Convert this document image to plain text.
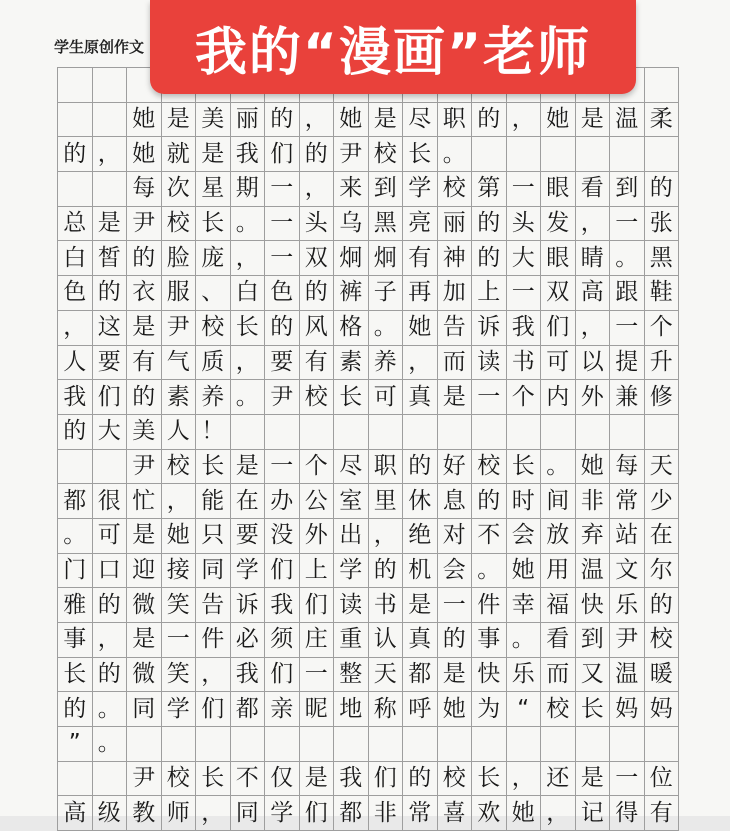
学生原创作文
她 是 美 丽 的 ， 她 是 尽 职 的 ， 她 是 温 柔
的 ， 她 就 是 我 们 的 尹 校 长 。
每 次 星 期 一 ， 来 到 学 校 第 一 眼 看 到 的
总 是 尹 校 长 。 一 头 乌 黑 亮 丽 的 头 发 ， 一 张
白 皙 的 脸 庞 ， 一 双 炯 炯 有 神 的 大 眼 睛 。 黑
色 的 衣 服 、 白 色 的 裤 子 再 加 上 一 双 高 跟 鞋
， 这 是 尹 校 长 的 风 格 。 她 告 诉 我 们 ， 一 个
人 要 有 气 质 ， 要 有 素 养 ， 而 读 书 可 以 提 升
我 们 的 素 养 。 尹 校 长 可 真 是 一 个 内 外 兼 修
的 大 美 人 ！
尹 校 长 是 一 个 尽 职 的 好 校 长 。 她 每 天
都 很 忙 ， 能 在 办 公 室 里 休 息 的 时 间 非 常 少
。 可 是 她 只 要 没 外 出 ， 绝 对 不 会 放 弃 站 在
门 口 迎 接 同 学 们 上 学 的 机 会 。 她 用 温 文 尔
雅 的 微 笑 告 诉 我 们 读 书 是 一 件 幸 福 快 乐 的
事 ， 是 一 件 必 须 庄 重 认 真 的 事 。 看 到 尹 校
长 的 微 笑 ， 我 们 一 整 天 都 是 快 乐 而 又 温 暖
的 。 同 学 们 都 亲 昵 地 称 呼 她 为 “ 校 长 妈 妈
” 。
尹 校 长 不 仅 是 我 们 的 校 长 ， 还 是 一 位
高 级 教 师 ， 同 学 们 都 非 常 喜 欢 她 ， 记 得 有
我的“漫画”老师
